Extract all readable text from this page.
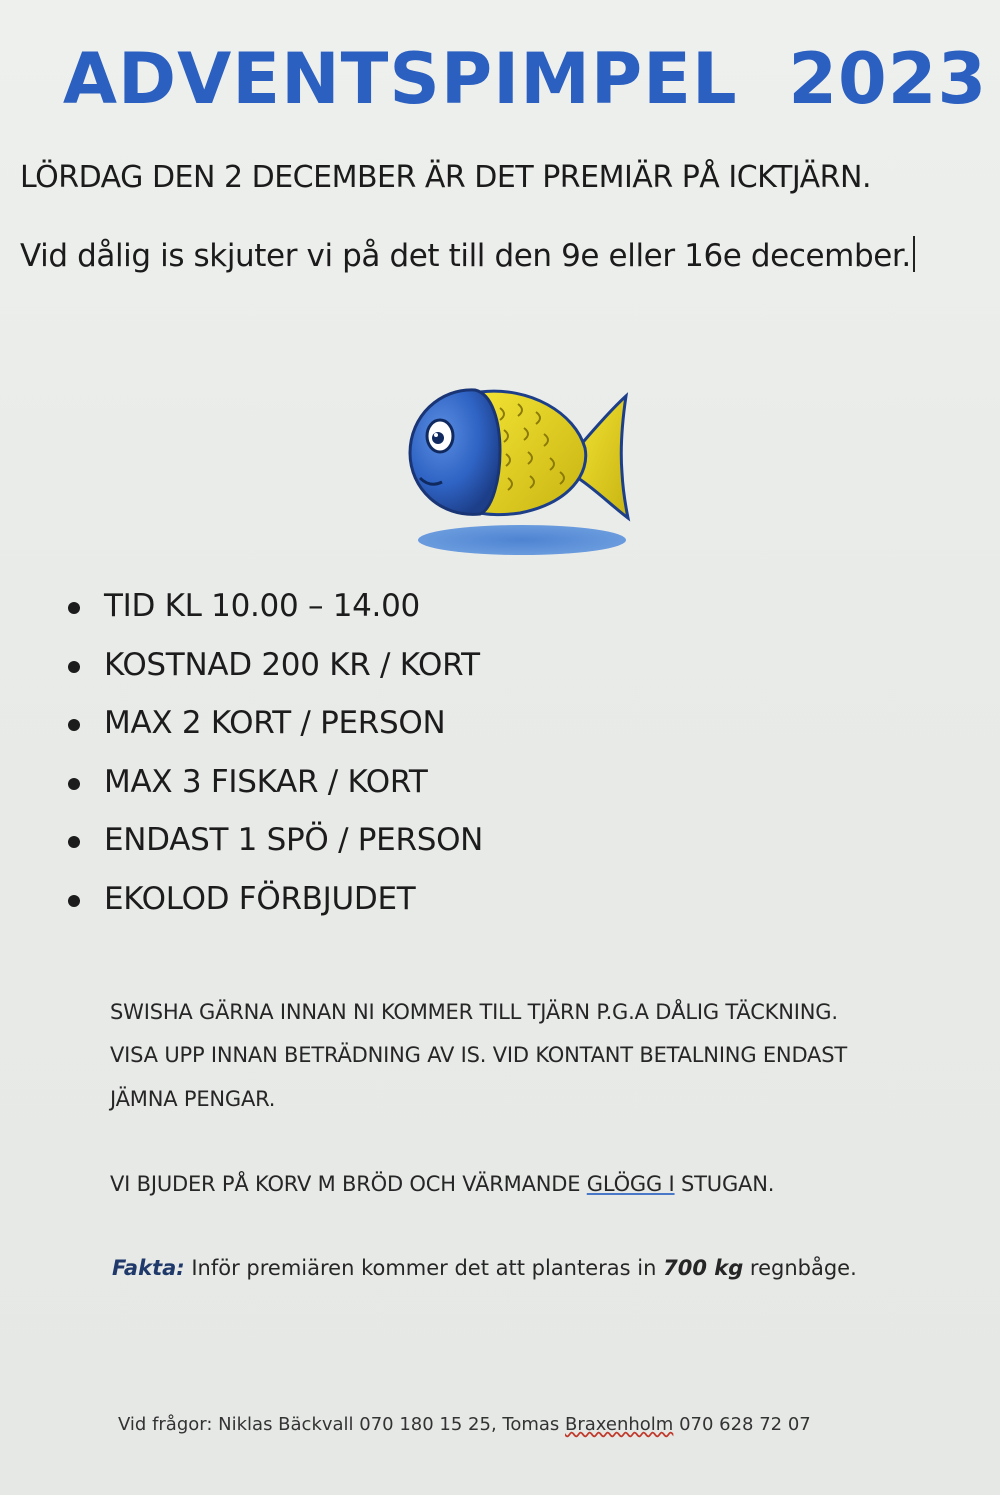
ADVENTSPIMPEL  2023
LÖRDAG DEN 2 DECEMBER ÄR DET PREMIÄR PÅ ICKTJÄRN.
Vid dålig is skjuter vi på det till den 9e eller 16e december.
TID KL 10.00 – 14.00
KOSTNAD 200 KR / KORT
MAX 2 KORT / PERSON
MAX 3 FISKAR / KORT
ENDAST 1 SPÖ / PERSON
EKOLOD FÖRBJUDET
SWISHA GÄRNA INNAN NI KOMMER TILL TJÄRN P.G.A DÅLIG TÄCKNING.
VISA UPP INNAN BETRÄDNING AV IS. VID KONTANT BETALNING ENDAST
JÄMNA PENGAR.
VI BJUDER PÅ KORV M BRÖD OCH VÄRMANDE GLÖGG I STUGAN.
Fakta: Inför premiären kommer det att planteras in 700 kg regnbåge.
Vid frågor: Niklas Bäckvall 070 180 15 25, Tomas Braxenholm 070 628 72 07
